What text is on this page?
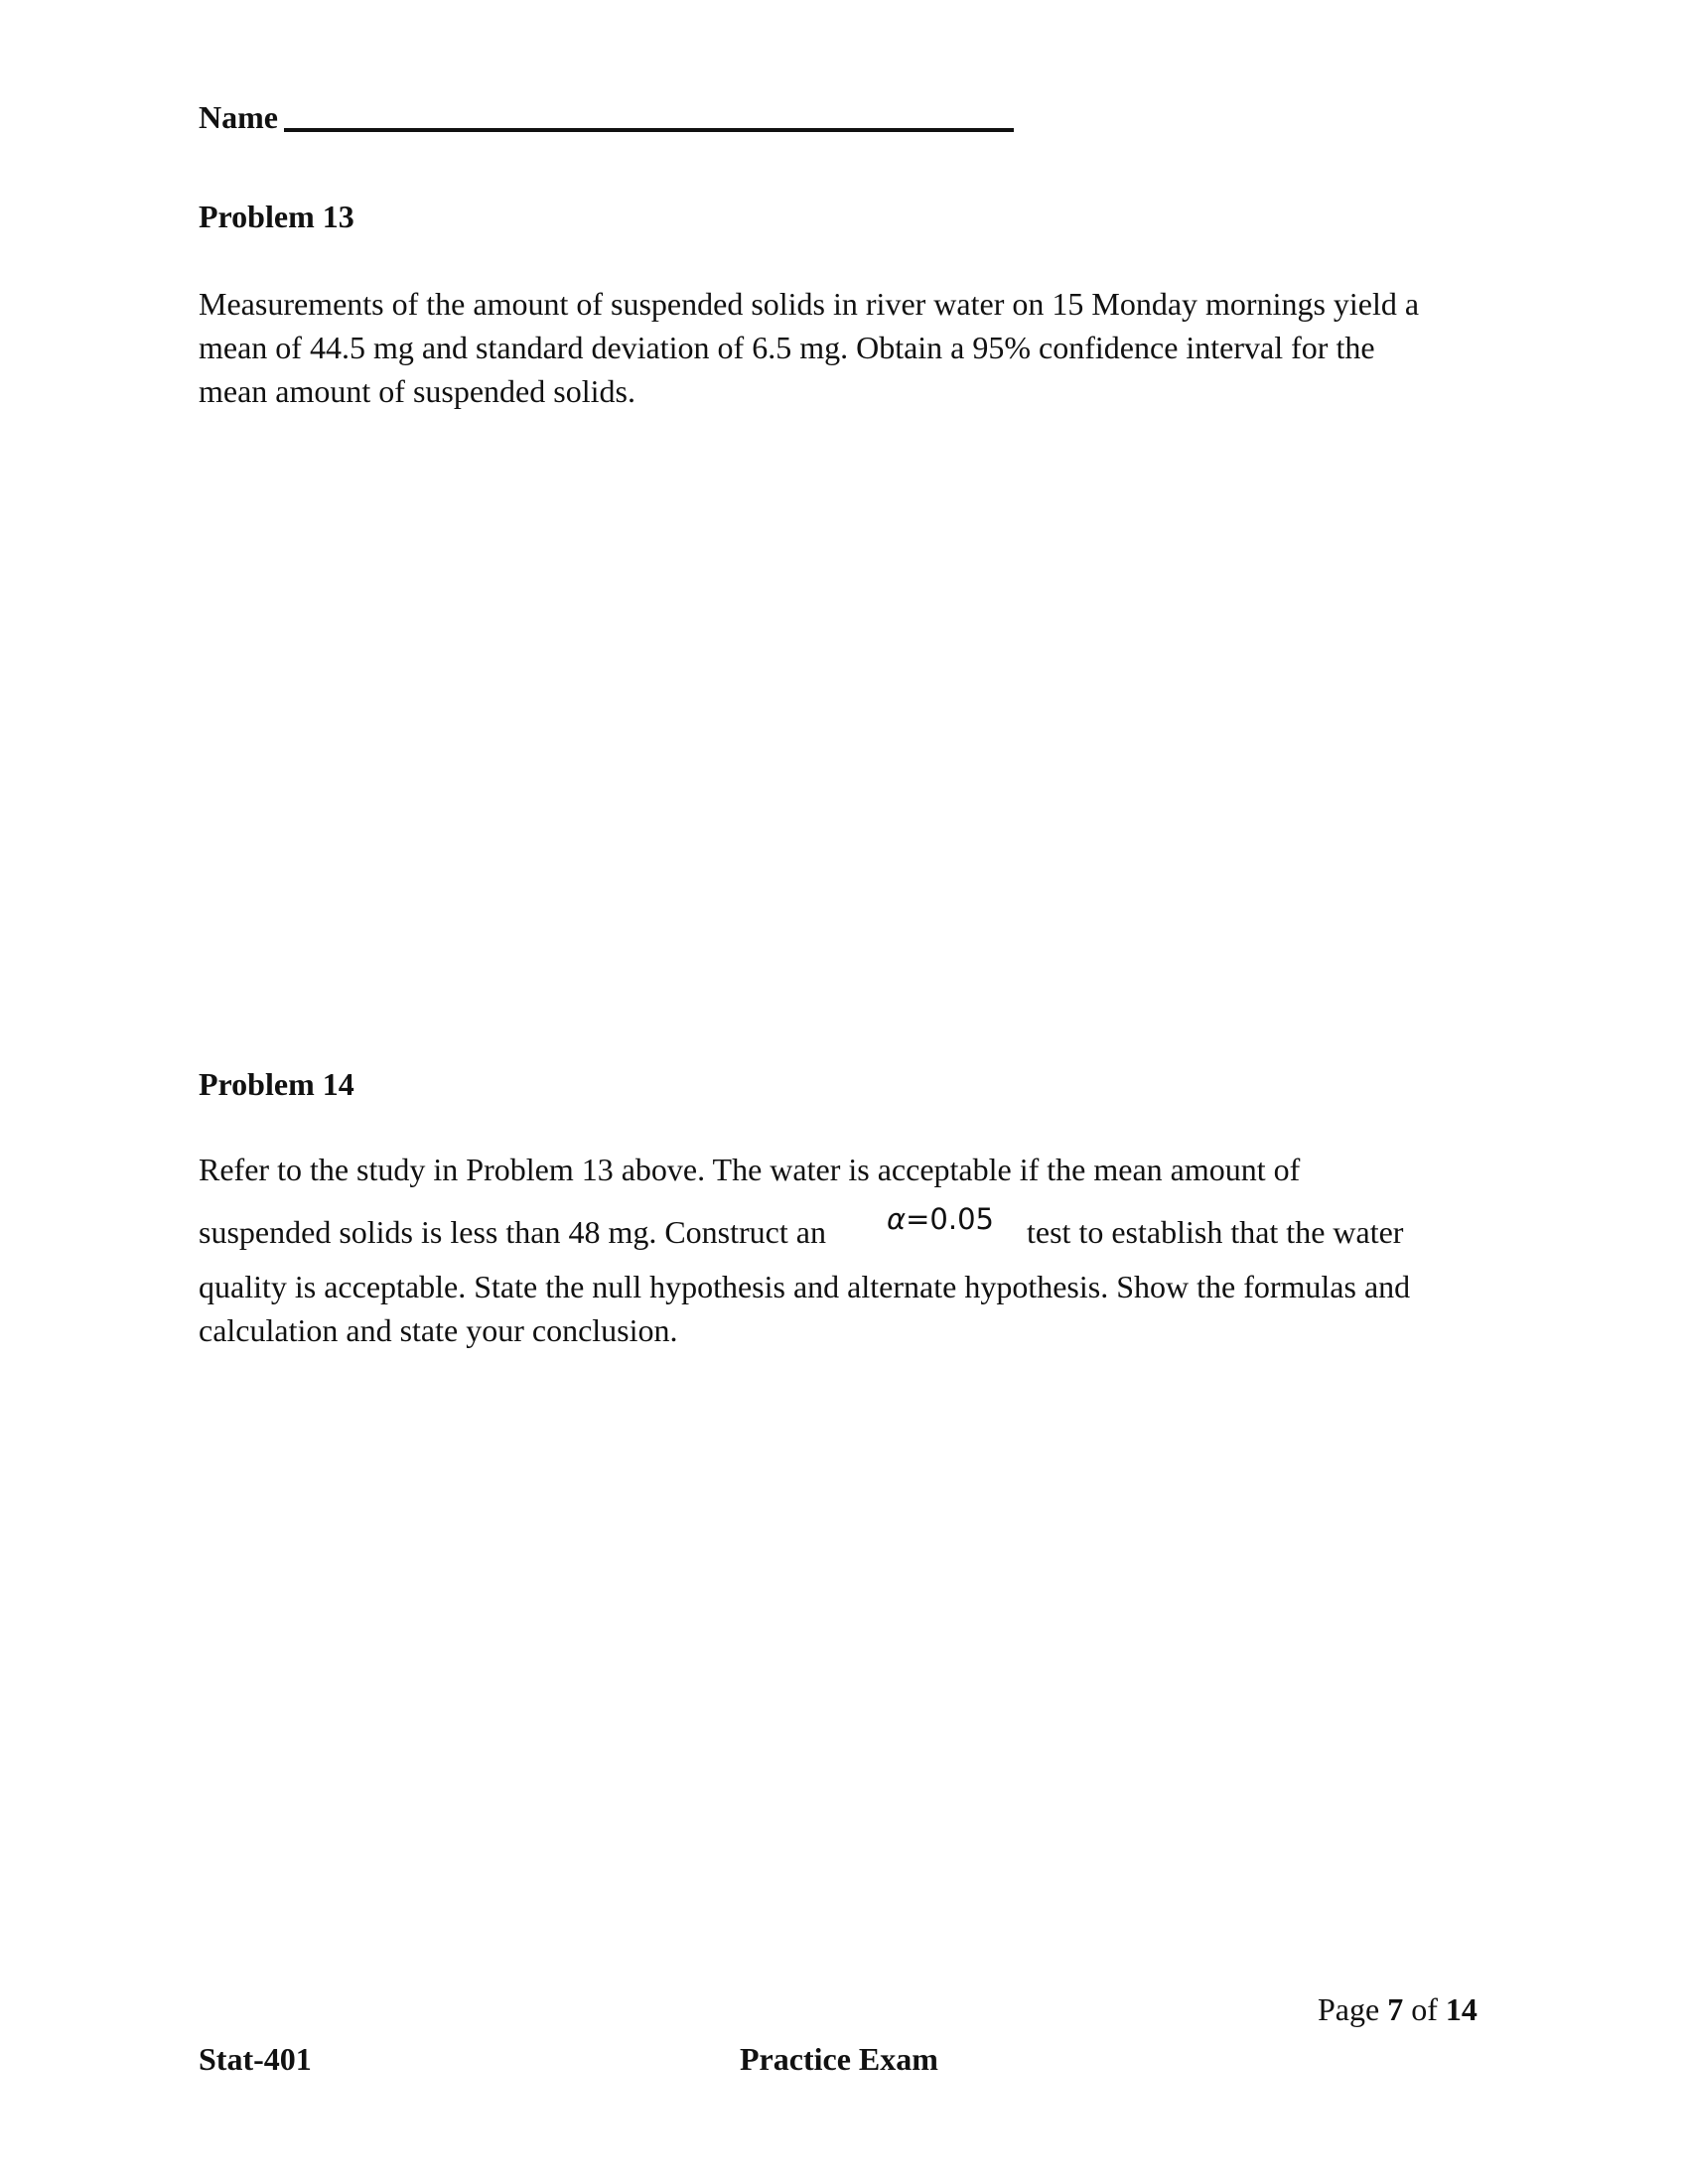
Name
Problem 13
Measurements of the amount of suspended solids in river water on 15 Monday mornings yield a
mean of 44.5 mg and standard deviation of 6.5 mg. Obtain a 95% confidence interval for the
mean amount of suspended solids.
Problem 14
Refer to the study in Problem 13 above. The water is acceptable if the mean amount of
suspended solids is less than 48 mg. Construct an	α=0.05 test to establish that the water
quality is acceptable. State the null hypothesis and alternate hypothesis. Show the formulas and
calculation and state your conclusion.
Page 7 of 14
Stat-401	Practice Exam
